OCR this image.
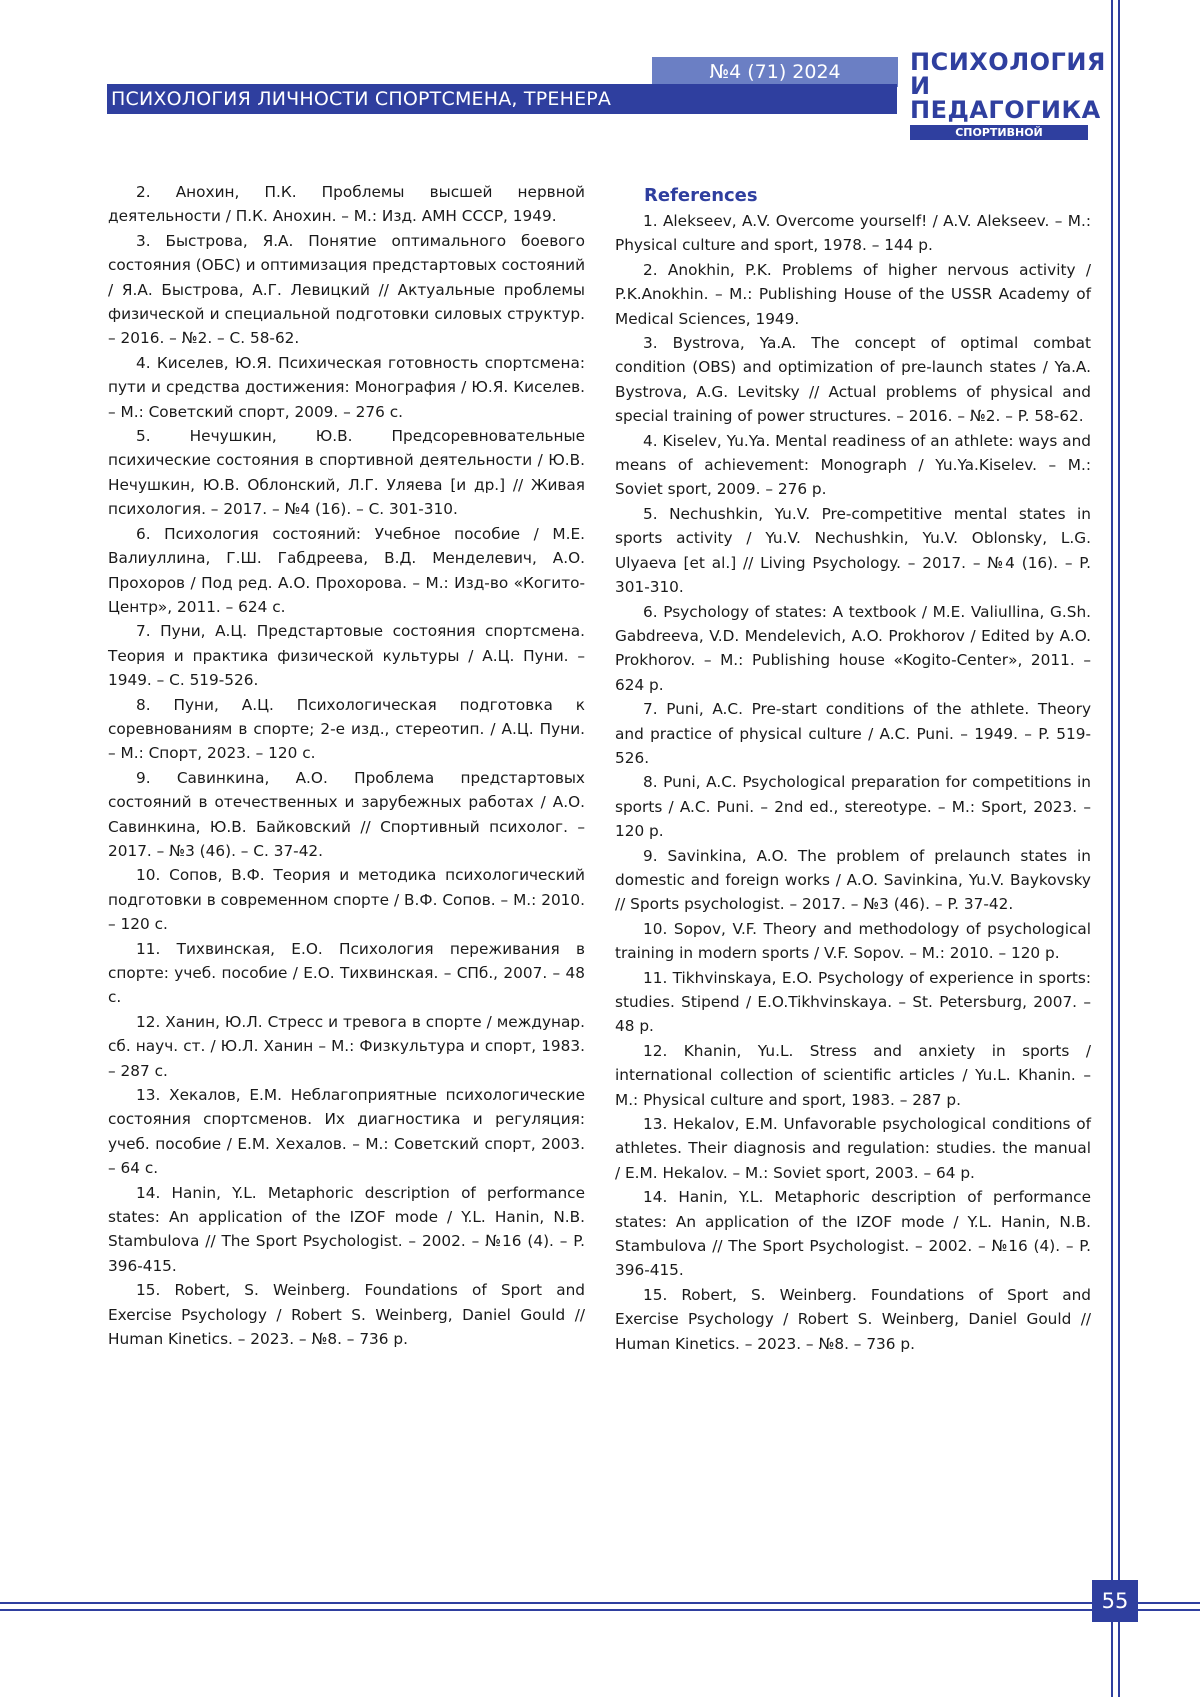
№4 (71) 2024
ПСИХОЛОГИЯ ЛИЧНОСТИ СПОРТСМЕНА, ТРЕНЕРА
ПСИХОЛОГИЯ
И ПЕДАГОГИКА
СПОРТИВНОЙ ДЕЯТЕЛЬНОСТИ

2. Анохин, П.К. Проблемы высшей нервной деятельности / П.К. Анохин. – М.: Изд. АМН СССР, 1949.

3. Быстрова, Я.А. Понятие оптимального боевого состояния (ОБС) и оптимизация предстартовых состояний / Я.А. Быстрова, А.Г. Левицкий // Актуальные проблемы физической и специальной подготовки силовых структур. – 2016. – №2. – С. 58-62.

4. Киселев, Ю.Я. Психическая готовность спортсмена: пути и средства достижения: Монография / Ю.Я. Киселев. – М.: Советский спорт, 2009. – 276 с.

5. Нечушкин, Ю.В. Предсоревновательные психические состояния в спортивной деятельности / Ю.В. Нечушкин, Ю.В. Облонский, Л.Г. Уляева [и др.] // Живая психология. – 2017. – №4 (16). – С. 301-310.

6. Психология состояний: Учебное пособие / М.Е. Валиуллина, Г.Ш. Габдреева, В.Д. Менделевич, А.О. Прохоров / Под ред. А.О. Прохорова. – М.: Изд-во «Когито-Центр», 2011. – 624 с.

7. Пуни, А.Ц. Предстартовые состояния спортсмена. Теория и практика физической культуры / А.Ц. Пуни. – 1949. – С. 519-526.

8. Пуни, А.Ц. Психологическая подготовка к соревнованиям в спорте; 2-е изд., стереотип. / А.Ц. Пуни. – М.: Спорт, 2023. – 120 с.

9. Савинкина, А.О. Проблема предстартовых состояний в отечественных и зарубежных работах / А.О. Савинкина, Ю.В. Байковский // Спортивный психолог. – 2017. – №3 (46). – С. 37-42.

10. Сопов, В.Ф. Теория и методика психологический подготовки в современном спорте / В.Ф. Сопов. – М.: 2010. – 120 с.

11. Тихвинская, Е.О. Психология переживания в спорте: учеб. пособие / Е.О. Тихвинская. – СПб., 2007. – 48 с.

12. Ханин, Ю.Л. Стресс и тревога в спорте / междунар. сб. науч. ст. / Ю.Л. Ханин – М.: Физкультура и спорт, 1983. – 287 с.

13. Хекалов, Е.М. Неблагоприятные психологические состояния спортсменов. Их диагностика и регуляция: учеб. пособие / Е.М. Хехалов. – М.: Советский спорт, 2003. – 64 с.

14. Hanin, Y.L. Metaphoric description of performance states: An application of the IZOF mode / Y.L. Hanin, N.B. Stambulova // The Sport Psychologist. – 2002. – №16 (4). – P. 396-415.

15. Robert, S. Weinberg. Foundations of Sport and Exercise Psychology / Robert S. Weinberg, Daniel Gould // Human Kinetics. – 2023. – №8. – 736 p.

References

1. Alekseev, A.V. Overcome yourself! / A.V. Alekseev. – M.: Physical culture and sport, 1978. – 144 p.

2. Anokhin, P.K. Problems of higher nervous activity / P.K.Anokhin. – M.: Publishing House of the USSR Academy of Medical Sciences, 1949.

3. Bystrova, Ya.A. The concept of optimal combat condition (OBS) and optimization of pre-launch states / Ya.A. Bystrova, A.G. Levitsky // Actual problems of physical and special training of power structures. – 2016. – №2. – P. 58-62.

4. Kiselev, Yu.Ya. Mental readiness of an athlete: ways and means of achievement: Monograph / Yu.Ya.Kiselev. – M.: Soviet sport, 2009. – 276 p.

5. Nechushkin, Yu.V. Pre-competitive mental states in sports activity / Yu.V. Nechushkin, Yu.V. Oblonsky, L.G. Ulyaeva [et al.] // Living Psychology. – 2017. – №4 (16). – P. 301-310.

6. Psychology of states: A textbook / M.E. Valiullina, G.Sh. Gabdreeva, V.D. Mendelevich, A.O. Prokhorov / Edited by A.O. Prokhorov. – M.: Publishing house «Kogito-Center», 2011. – 624 p.

7. Puni, A.C. Pre-start conditions of the athlete. Theory and practice of physical culture / A.C. Puni. – 1949. – P. 519-526.

8. Puni, A.C. Psychological preparation for competitions in sports / A.C. Puni. – 2nd ed., stereotype. – M.: Sport, 2023. – 120 p.

9. Savinkina, A.O. The problem of prelaunch states in domestic and foreign works / A.O. Savinkina, Yu.V. Baykovsky // Sports psychologist. – 2017. – №3 (46). – P. 37-42.

10. Sopov, V.F. Theory and methodology of psychological training in modern sports / V.F. Sopov. – M.: 2010. – 120 p.

11. Tikhvinskaya, E.O. Psychology of experience in sports: studies. Stipend / E.O.Tikhvinskaya. – St. Petersburg, 2007. – 48 p.

12. Khanin, Yu.L. Stress and anxiety in sports / international collection of scientific articles / Yu.L. Khanin. – M.: Physical culture and sport, 1983. – 287 p.

13. Hekalov, E.M. Unfavorable psychological conditions of athletes. Their diagnosis and regulation: studies. the manual / E.M. Hekalov. – M.: Soviet sport, 2003. – 64 p.

14. Hanin, Y.L. Metaphoric description of performance states: An application of the IZOF mode / Y.L. Hanin, N.B. Stambulova // The Sport Psychologist. – 2002. – №16 (4). – P. 396-415.

15. Robert, S. Weinberg. Foundations of Sport and Exercise Psychology / Robert S. Weinberg, Daniel Gould // Human Kinetics. – 2023. – №8. – 736 p.

55
